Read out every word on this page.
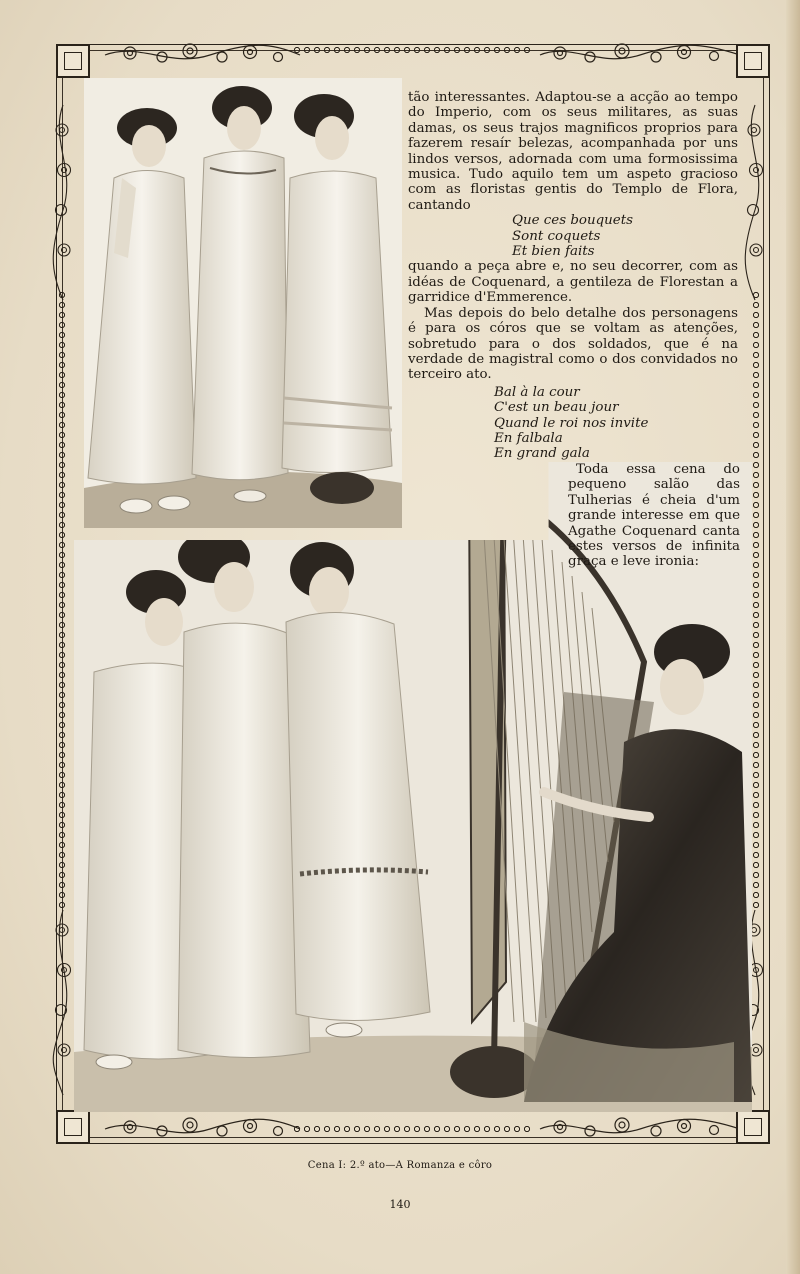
tão interessantes. Adaptou-se a acção ao tempo do Imperio, com os seus militares, as suas damas, os seus trajos magnificos proprios para fazerem resaír belezas, acompanhada por uns lindos versos, adornada com uma formosissima musica. Tudo aquilo tem um aspeto gracioso com as floristas gentis do Templo de Flora, cantando

Que ces bouquets
Sont coquets
Et bien faits

quando a peça abre e, no seu decorrer, com as idéas de Coquenard, a gentileza de Florestan a garridice d'Emmerence.

Mas depois do belo detalhe dos personagens é para os córos que se voltam as atenções, sobretudo para o dos soldados, que é na verdade de magistral como o dos convidados no terceiro ato.

Bal à la cour
C'est un beau jour
Quand le roi nos invite
En falbala
En grand gala

Toda essa cena do pequeno salão das Tulherias é cheia d'um grande interesse em que Agathe Coquenard canta estes versos de infinita graça e leve ironia:

Cena I: 2.º ato—A Romanza e côro
140
